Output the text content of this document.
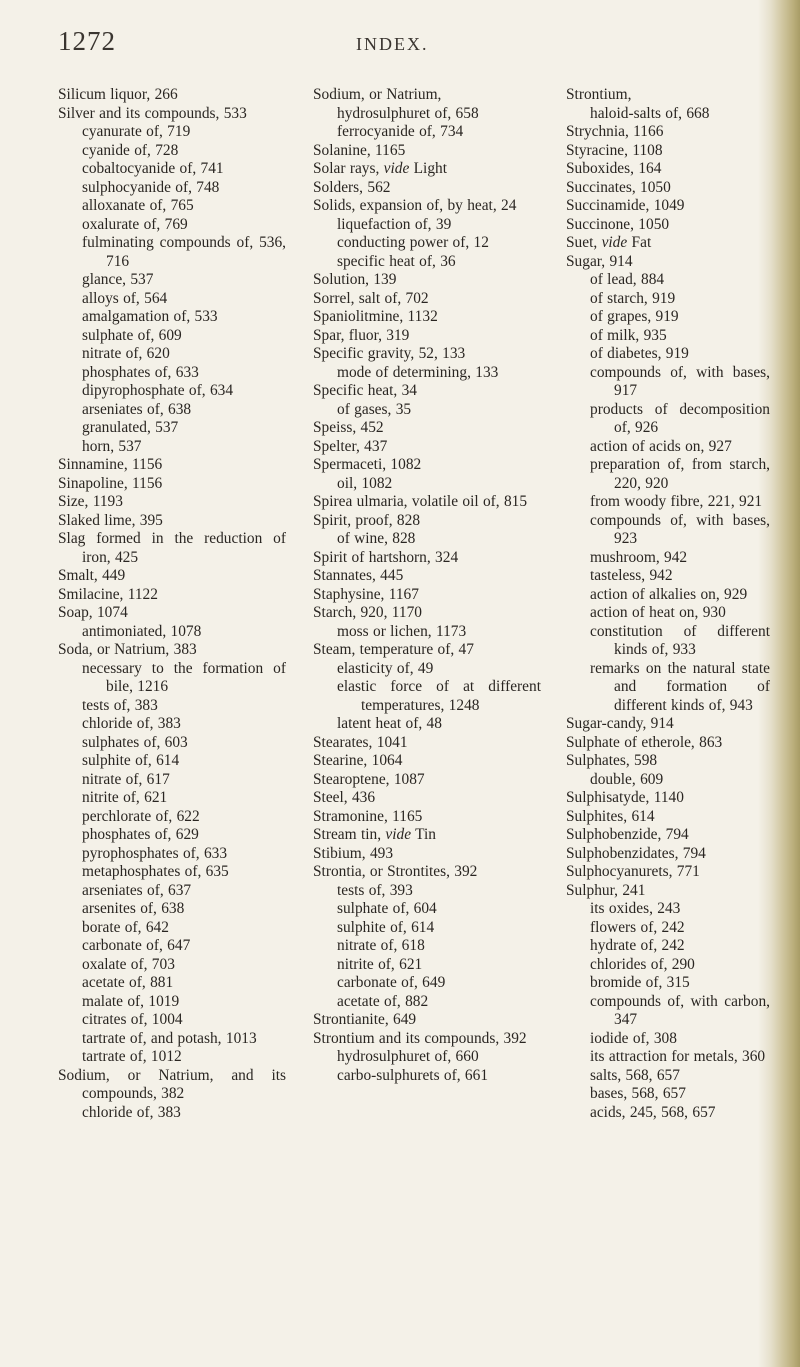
1272	INDEX.
Silicum liquor, 266
Silver and its compounds, 533
cyanurate of, 719
cyanide of, 728
cobaltocyanide of, 741
sulphocyanide of, 748
alloxanate of, 765
oxalurate of, 769
fulminating compounds of, 536, 716
glance, 537
alloys of, 564
amalgamation of, 533
sulphate of, 609
nitrate of, 620
phosphates of, 633
dipyrophosphate of, 634
arseniates of, 638
granulated, 537
horn, 537
Sinnamine, 1156
Sinapoline, 1156
Size, 1193
Slaked lime, 395
Slag formed in the reduction of iron, 425
Smalt, 449
Smilacine, 1122
Soap, 1074
antimoniated, 1078
Soda, or Natrium, 383
necessary to the formation of bile, 1216
tests of, 383
chloride of, 383
sulphates of, 603
sulphite of, 614
nitrate of, 617
nitrite of, 621
perchlorate of, 622
phosphates of, 629
pyrophosphates of, 633
metaphosphates of, 635
arseniates of, 637
arsenites of, 638
borate of, 642
carbonate of, 647
oxalate of, 703
acetate of, 881
malate of, 1019
citrates of, 1004
tartrate of, and potash, 1013
tartrate of, 1012
Sodium, or Natrium, and its compounds, 382
chloride of, 383
Sodium, or Natrium,
hydrosulphuret of, 658
ferrocyanide of, 734
Solanine, 1165
Solar rays, vide Light
Solders, 562
Solids, expansion of, by heat, 24
liquefaction of, 39
conducting power of, 12
specific heat of, 36
Solution, 139
Sorrel, salt of, 702
Spaniolitmine, 1132
Spar, fluor, 319
Specific gravity, 52, 133
mode of determining, 133
Specific heat, 34
of gases, 35
Speiss, 452
Spelter, 437
Spermaceti, 1082
oil, 1082
Spirea ulmaria, volatile oil of, 815
Spirit, proof, 828
of wine, 828
Spirit of hartshorn, 324
Stannates, 445
Staphysine, 1167
Starch, 920, 1170
moss or lichen, 1173
Steam, temperature of, 47
elasticity of, 49
elastic force of at different temperatures, 1248
latent heat of, 48
Stearates, 1041
Stearine, 1064
Stearoptene, 1087
Steel, 436
Stramonine, 1165
Stream tin, vide Tin
Stibium, 493
Strontia, or Strontites, 392
tests of, 393
sulphate of, 604
sulphite of, 614
nitrate of, 618
nitrite of, 621
carbonate of, 649
acetate of, 882
Strontianite, 649
Strontium and its compounds, 392
hydrosulphuret of, 660
carbo-sulphurets of, 661
Strontium,
haloid-salts of, 668
Strychnia, 1166
Styracine, 1108
Suboxides, 164
Succinates, 1050
Succinamide, 1049
Succinone, 1050
Suet, vide Fat
Sugar, 914
of lead, 884
of starch, 919
of grapes, 919
of milk, 935
of diabetes, 919
compounds of, with bases, 917
products of decomposition of, 926
action of acids on, 927
preparation of, from starch, 220, 920
from woody fibre, 221, 921
compounds of, with bases, 923
mushroom, 942
tasteless, 942
action of alkalies on, 929
action of heat on, 930
constitution of different kinds of, 933
remarks on the natural state and formation of different kinds of, 943
Sugar-candy, 914
Sulphate of etherole, 863
Sulphates, 598
double, 609
Sulphisatyde, 1140
Sulphites, 614
Sulphobenzide, 794
Sulphobenzidates, 794
Sulphocyanurets, 771
Sulphur, 241
its oxides, 243
flowers of, 242
hydrate of, 242
chlorides of, 290
bromide of, 315
compounds of, with carbon, 347
iodide of, 308
its attraction for metals, 360
salts, 568, 657
bases, 568, 657
acids, 245, 568, 657
